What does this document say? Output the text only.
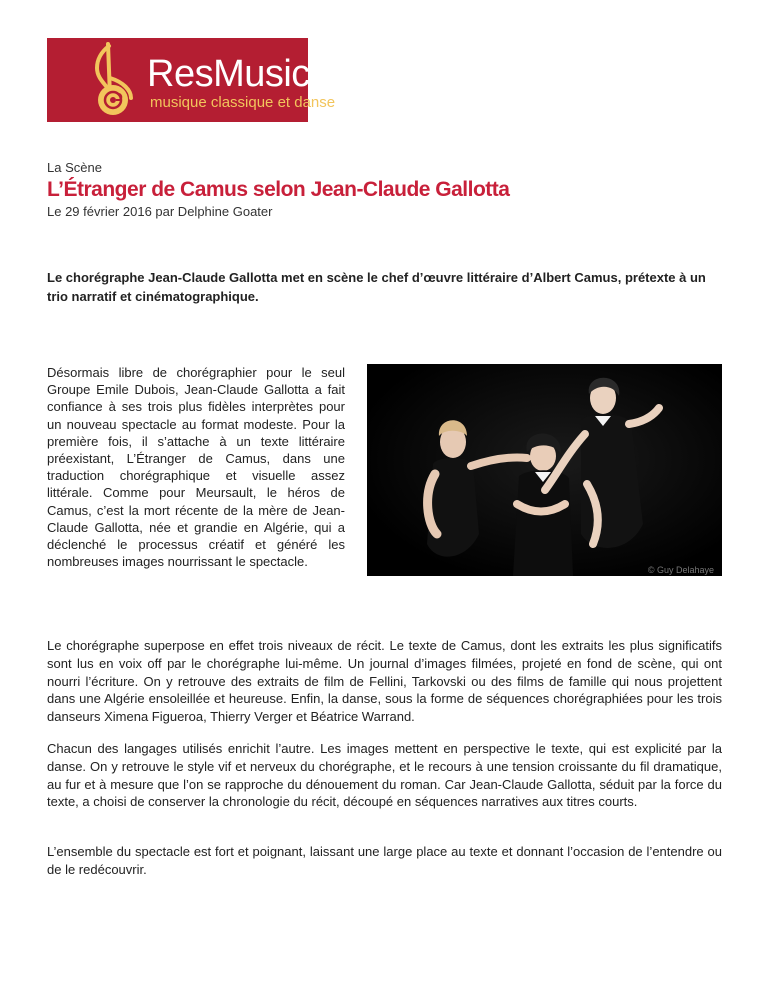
ResMusica
musique classique et danse
La Scène
L’Étranger de Camus selon Jean-Claude Gallotta
Le 29 février 2016 par Delphine Goater

Le chorégraphe Jean-Claude Gallotta met en scène le chef d’œuvre littéraire d’Albert Camus, prétexte à un trio narratif et cinématographique.

Désormais libre de chorégraphier pour le seul Groupe Emile Dubois, Jean-Claude Gallotta a fait confiance à ses trois plus fidèles interprètes pour un nouveau spectacle au format modeste. Pour la première fois, il s’attache à un texte littéraire préexistant, L’Étranger de Camus, dans une traduction chorégraphique et visuelle assez littérale. Comme pour Meursault, le héros de Camus, c’est la mort récente de la mère de Jean-Claude Gallotta, née et grandie en Algérie, qui a déclenché le processus créatif et généré les nombreuses images nourrissant le spectacle.

© Guy Delahaye

Le chorégraphe superpose en effet trois niveaux de récit. Le texte de Camus, dont les extraits les plus significatifs sont lus en voix off par le chorégraphe lui-même. Un journal d’images filmées, projeté en fond de scène, qui ont nourri l’écriture. On y retrouve des extraits de film de Fellini, Tarkovski ou des films de famille qui nous projettent dans une Algérie ensoleillée et heureuse. Enfin, la danse, sous la forme de séquences chorégraphiées pour les trois danseurs Ximena Figueroa, Thierry Verger et Béatrice Warrand.

Chacun des langages utilisés enrichit l’autre. Les images mettent en perspective le texte, qui est explicité par la danse. On y retrouve le style vif et nerveux du chorégraphe, et le recours à une tension croissante du fil dramatique, au fur et à mesure que l’on se rapproche du dénouement du roman. Car Jean-Claude Gallotta, séduit par la force du texte, a choisi de conserver la chronologie du récit, découpé en séquences narratives aux titres courts.

L’ensemble du spectacle est fort et poignant, laissant une large place au texte et donnant l’occasion de l’entendre ou de le redécouvrir.
